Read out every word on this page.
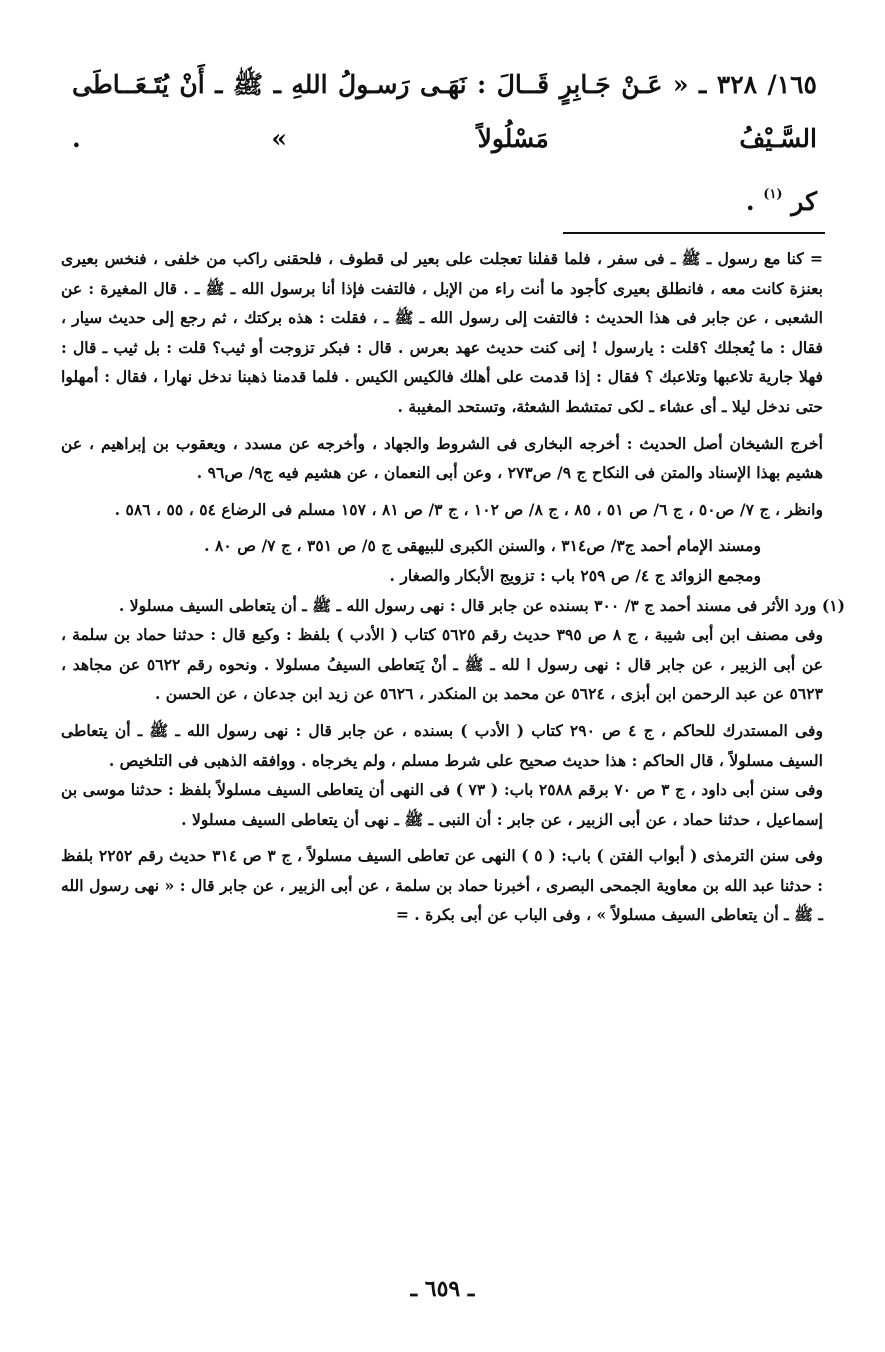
١٦٥/ ٣٢٨ ـ « عَـنْ جَـابِرٍ قَــالَ : نَهَـى رَسـولُ اللهِ ـ ﷺ ـ أَنْ يُتَـعَــاطَى السَّـيْفُ مَسْلُولاً » .

كر $^{(١)}$ .

= كنا مع رسول ـ ﷺ ـ فى سفر ، فلما قفلنا تعجلت على بعير لى قطوف ، فلحقنى راكب من خلفى ، فنخس بعيرى بعنزة كانت معه ، فانطلق بعيرى كأجود ما أنت راء من الإبل ، فالتفت فإذا أنا برسول الله ـ ﷺ ـ . قال المغيرة : عن الشعبى ، عن جابر فى هذا الحديث : فالتفت إلى رسول الله ـ ﷺ ـ ، فقلت : هذه بركتك ، ثم رجع إلى حديث سيار ، فقال : ما يُعجلك ؟قلت : يارسول ! إنى كنت حديث عهد بعرس . قال : فبكر تزوجت أو ثيب؟ قلت : بل ثيب ـ قال : فهلا جارية تلاعبها وتلاعبك ؟ فقال : إذا قدمت على أهلك فالكيس الكيس . فلما قدمنا ذهبنا ندخل نهارا ، فقال : أمهلوا حتى ندخل ليلا ـ أى عشاء ـ لكى تمتشط الشعثة، وتستحد المغيبة .

أخرج الشيخان أصل الحديث : أخرجه البخارى فى الشروط والجهاد ، وأخرجه عن مسدد ، ويعقوب بن إبراهيم ، عن هشيم بهذا الإسناد والمتن فى النكاح ج ٩/ ص٢٧٣ ، وعن أبى النعمان ، عن هشيم فيه ج٩/ ص٩٦ .

وانظر ، ج ٧/ ص٥٠ ، ج ٦/ ص ٥١ ، ٨٥ ، ج ٨/ ص ١٠٢ ، ج ٣/ ص ٨١ ، ١٥٧ مسلم فى الرضاع ٥٤ ، ٥٥ ، ٥٨٦ .

ومسند الإمام أحمد ج٣/ ص٣١٤ ، والسنن الكبرى للبيهقى ج ٥/ ص ٣٥١ ، ج ٧/ ص ٨٠ .

ومجمع الزوائد ج ٤/ ص ٢٥٩ باب : تزويج الأبكار والصغار .

(١) ورد الأثر فى مسند أحمد ج ٣/ ٣٠٠ بسنده عن جابر قال : نهى رسول الله ـ ﷺ ـ أن يتعاطى السيف مسلولا .

وفى مصنف ابن أبى شيبة ، ج ٨ ص ٣٩٥ حديث رقم ٥٦٢٥ كتاب ( الأدب ) بلفظ : وكيع قال : حدثنا حماد بن سلمة ، عن أبى الزبير ، عن جابر قال : نهى رسول ا لله ـ ﷺ ـ أنْ يَتعاطى السيفُ مسلولا . ونحوه رقم ٥٦٢٢ عن مجاهد ، ٥٦٢٣ عن عبد الرحمن ابن أبزى ، ٥٦٢٤ عن محمد بن المنكدر ، ٥٦٢٦ عن زيد ابن جدعان ، عن الحسن .

وفى المستدرك للحاكم ، ج ٤ ص ٢٩٠ كتاب ( الأدب ) بسنده ، عن جابر قال : نهى رسول الله ـ ﷺ ـ أن يتعاطى السيف مسلولاً ، قال الحاكم : هذا حديث صحيح على شرط مسلم ، ولم يخرجاه . ووافقه الذهبى فى التلخيص .

وفى سنن أبى داود ، ج ٣ ص ٧٠ برقم ٢٥٨٨ باب: ( ٧٣ ) فى النهى أن يتعاطى السيف مسلولاً بلفظ : حدثنا موسى بن إسماعيل ، حدثنا حماد ، عن أبى الزبير ، عن جابر : أن النبى ـ ﷺ ـ نهى أن يتعاطى السيف مسلولا .

وفى سنن الترمذى ( أبواب الفتن ) باب: ( ٥ ) النهى عن تعاطى السيف مسلولاً ، ج ٣ ص ٣١٤ حديث رقم ٢٢٥٢ بلفظ : حدثنا عبد الله بن معاوية الجمحى البصرى ، أخبرنا حماد بن سلمة ، عن أبى الزبير ، عن جابر قال : « نهى رسول الله ـ ﷺ ـ أن يتعاطى السيف مسلولاً » ، وفى الباب عن أبى بكرة . =

ـ ٦٥٩ ـ
